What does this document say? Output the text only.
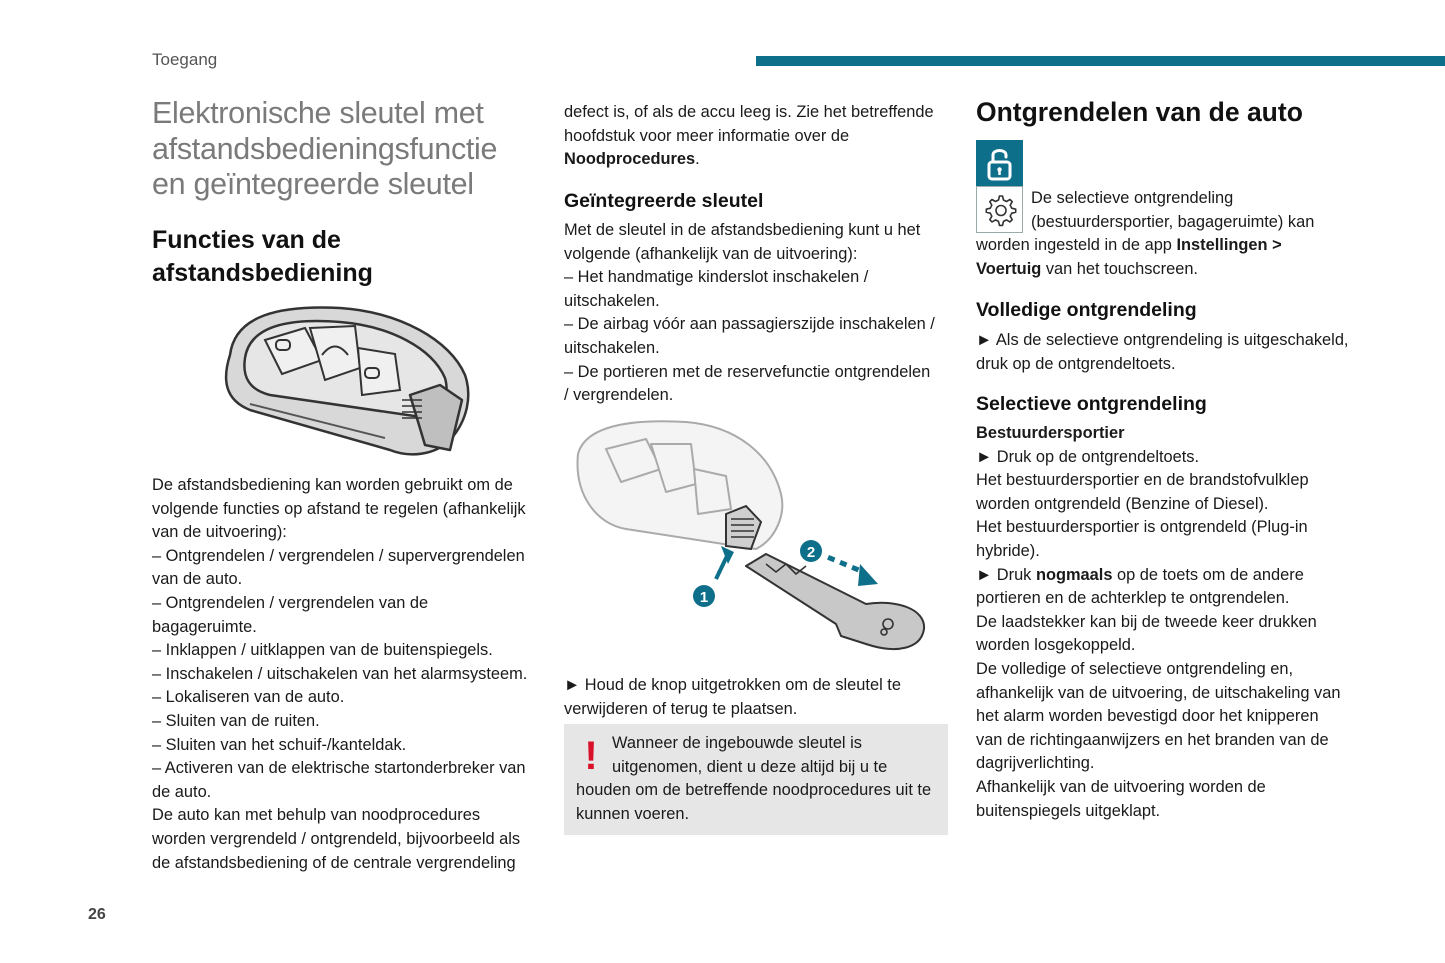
Toegang
26
Elektronische sleutel met
afstandsbedieningsfunctie
en geïntegreerde sleutel
Functies van de
afstandsbediening

De afstandsbediening kan worden gebruikt om de

volgende functies op afstand te regelen (afhankelijk

van de uitvoering):

– Ontgrendelen / vergrendelen / supervergrendelen

van de auto.

– Ontgrendelen / vergrendelen van de

bagageruimte.

– Inklappen / uitklappen van de buitenspiegels.

– Inschakelen / uitschakelen van het alarmsysteem.

– Lokaliseren van de auto.

– Sluiten van de ruiten.

– Sluiten van het schuif-/kanteldak.

– Activeren van de elektrische startonderbreker van

de auto.

De auto kan met behulp van noodprocedures

worden vergrendeld / ontgrendeld, bijvoorbeeld als

de afstandsbediening of de centrale vergrendeling

defect is, of als de accu leeg is. Zie het betreffende

hoofdstuk voor meer informatie over de

Noodprocedures.

Geïntegreerde sleutel

Met de sleutel in de afstandsbediening kunt u het

volgende (afhankelijk van de uitvoering):

– Het handmatige kinderslot inschakelen /

uitschakelen.

– De airbag vóór aan passagierszijde inschakelen /

uitschakelen.

– De portieren met de reservefunctie ontgrendelen

/ vergrendelen.

1
2

► Houd de knop uitgetrokken om de sleutel te

verwijderen of terug te plaatsen.

! Wanneer de ingebouwde sleutel is

uitgenomen, dient u deze altijd bij u te

houden om de betreffende noodprocedures uit te

kunnen voeren.

Ontgrendelen van de auto

De selectieve ontgrendeling

(bestuurdersportier, bagageruimte) kan

worden ingesteld in de app Instellingen >

Voertuig van het touchscreen.

Volledige ontgrendeling

► Als de selectieve ontgrendeling is uitgeschakeld,

druk op de ontgrendeltoets.

Selectieve ontgrendeling

Bestuurdersportier

► Druk op de ontgrendeltoets.

Het bestuurdersportier en de brandstofvulklep

worden ontgrendeld (Benzine of Diesel).

Het bestuurdersportier is ontgrendeld (Plug-in

hybride).

► Druk nogmaals op de toets om de andere

portieren en de achterklep te ontgrendelen.

De laadstekker kan bij de tweede keer drukken

worden losgekoppeld.

De volledige of selectieve ontgrendeling en,

afhankelijk van de uitvoering, de uitschakeling van

het alarm worden bevestigd door het knipperen

van de richtingaanwijzers en het branden van de

dagrijverlichting.

Afhankelijk van de uitvoering worden de

buitenspiegels uitgeklapt.
